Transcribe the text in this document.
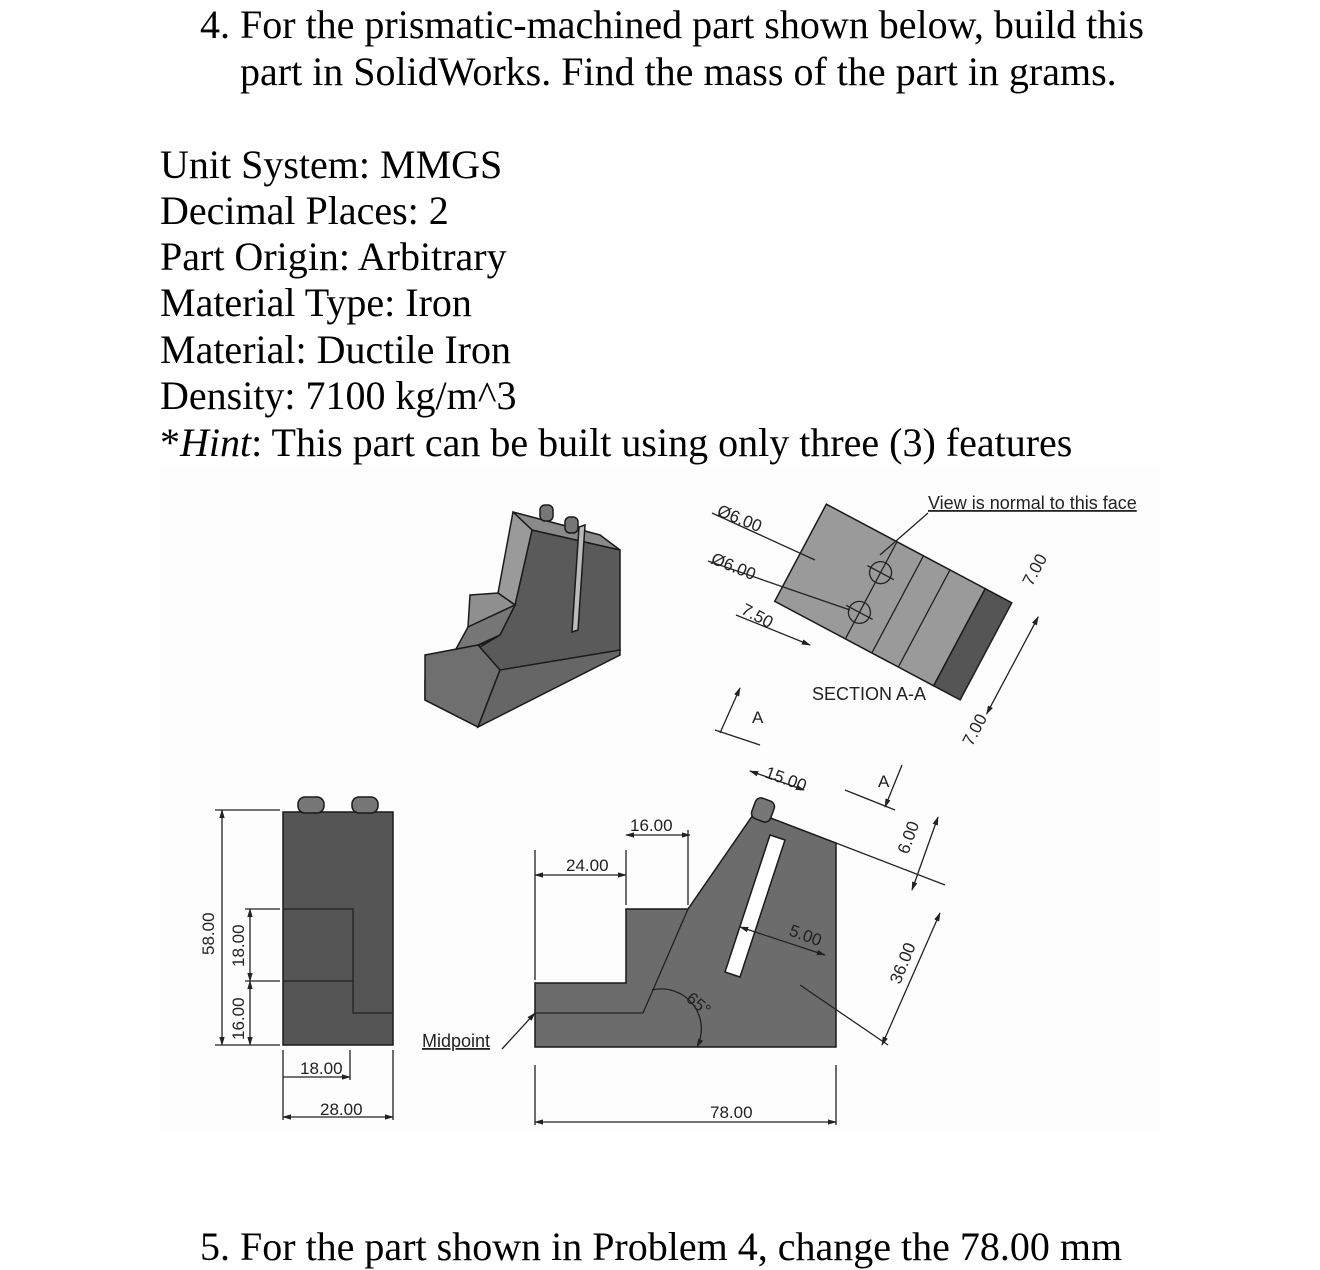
4. For the prismatic-machined part shown below, build this
part in SolidWorks. Find the mass of the part in grams.
Unit System: MMGS
Decimal Places: 2
Part Origin: Arbitrary
Material Type: Iron
Material: Ductile Iron
Density: 7100 kg/m^3
*Hint: This part can be built using only three (3) features
Ø6.00
Ø6.00
7.50
7.00
7.00
View is normal to this face
SECTION A-A
A
A
58.00 18.00
16.00
18.00
28.00
24.00
16.00
65°
78.00
Midpoint
15.00
5.00
6.00
36.00
5. For the part shown in Problem 4, change the 78.00 mm
